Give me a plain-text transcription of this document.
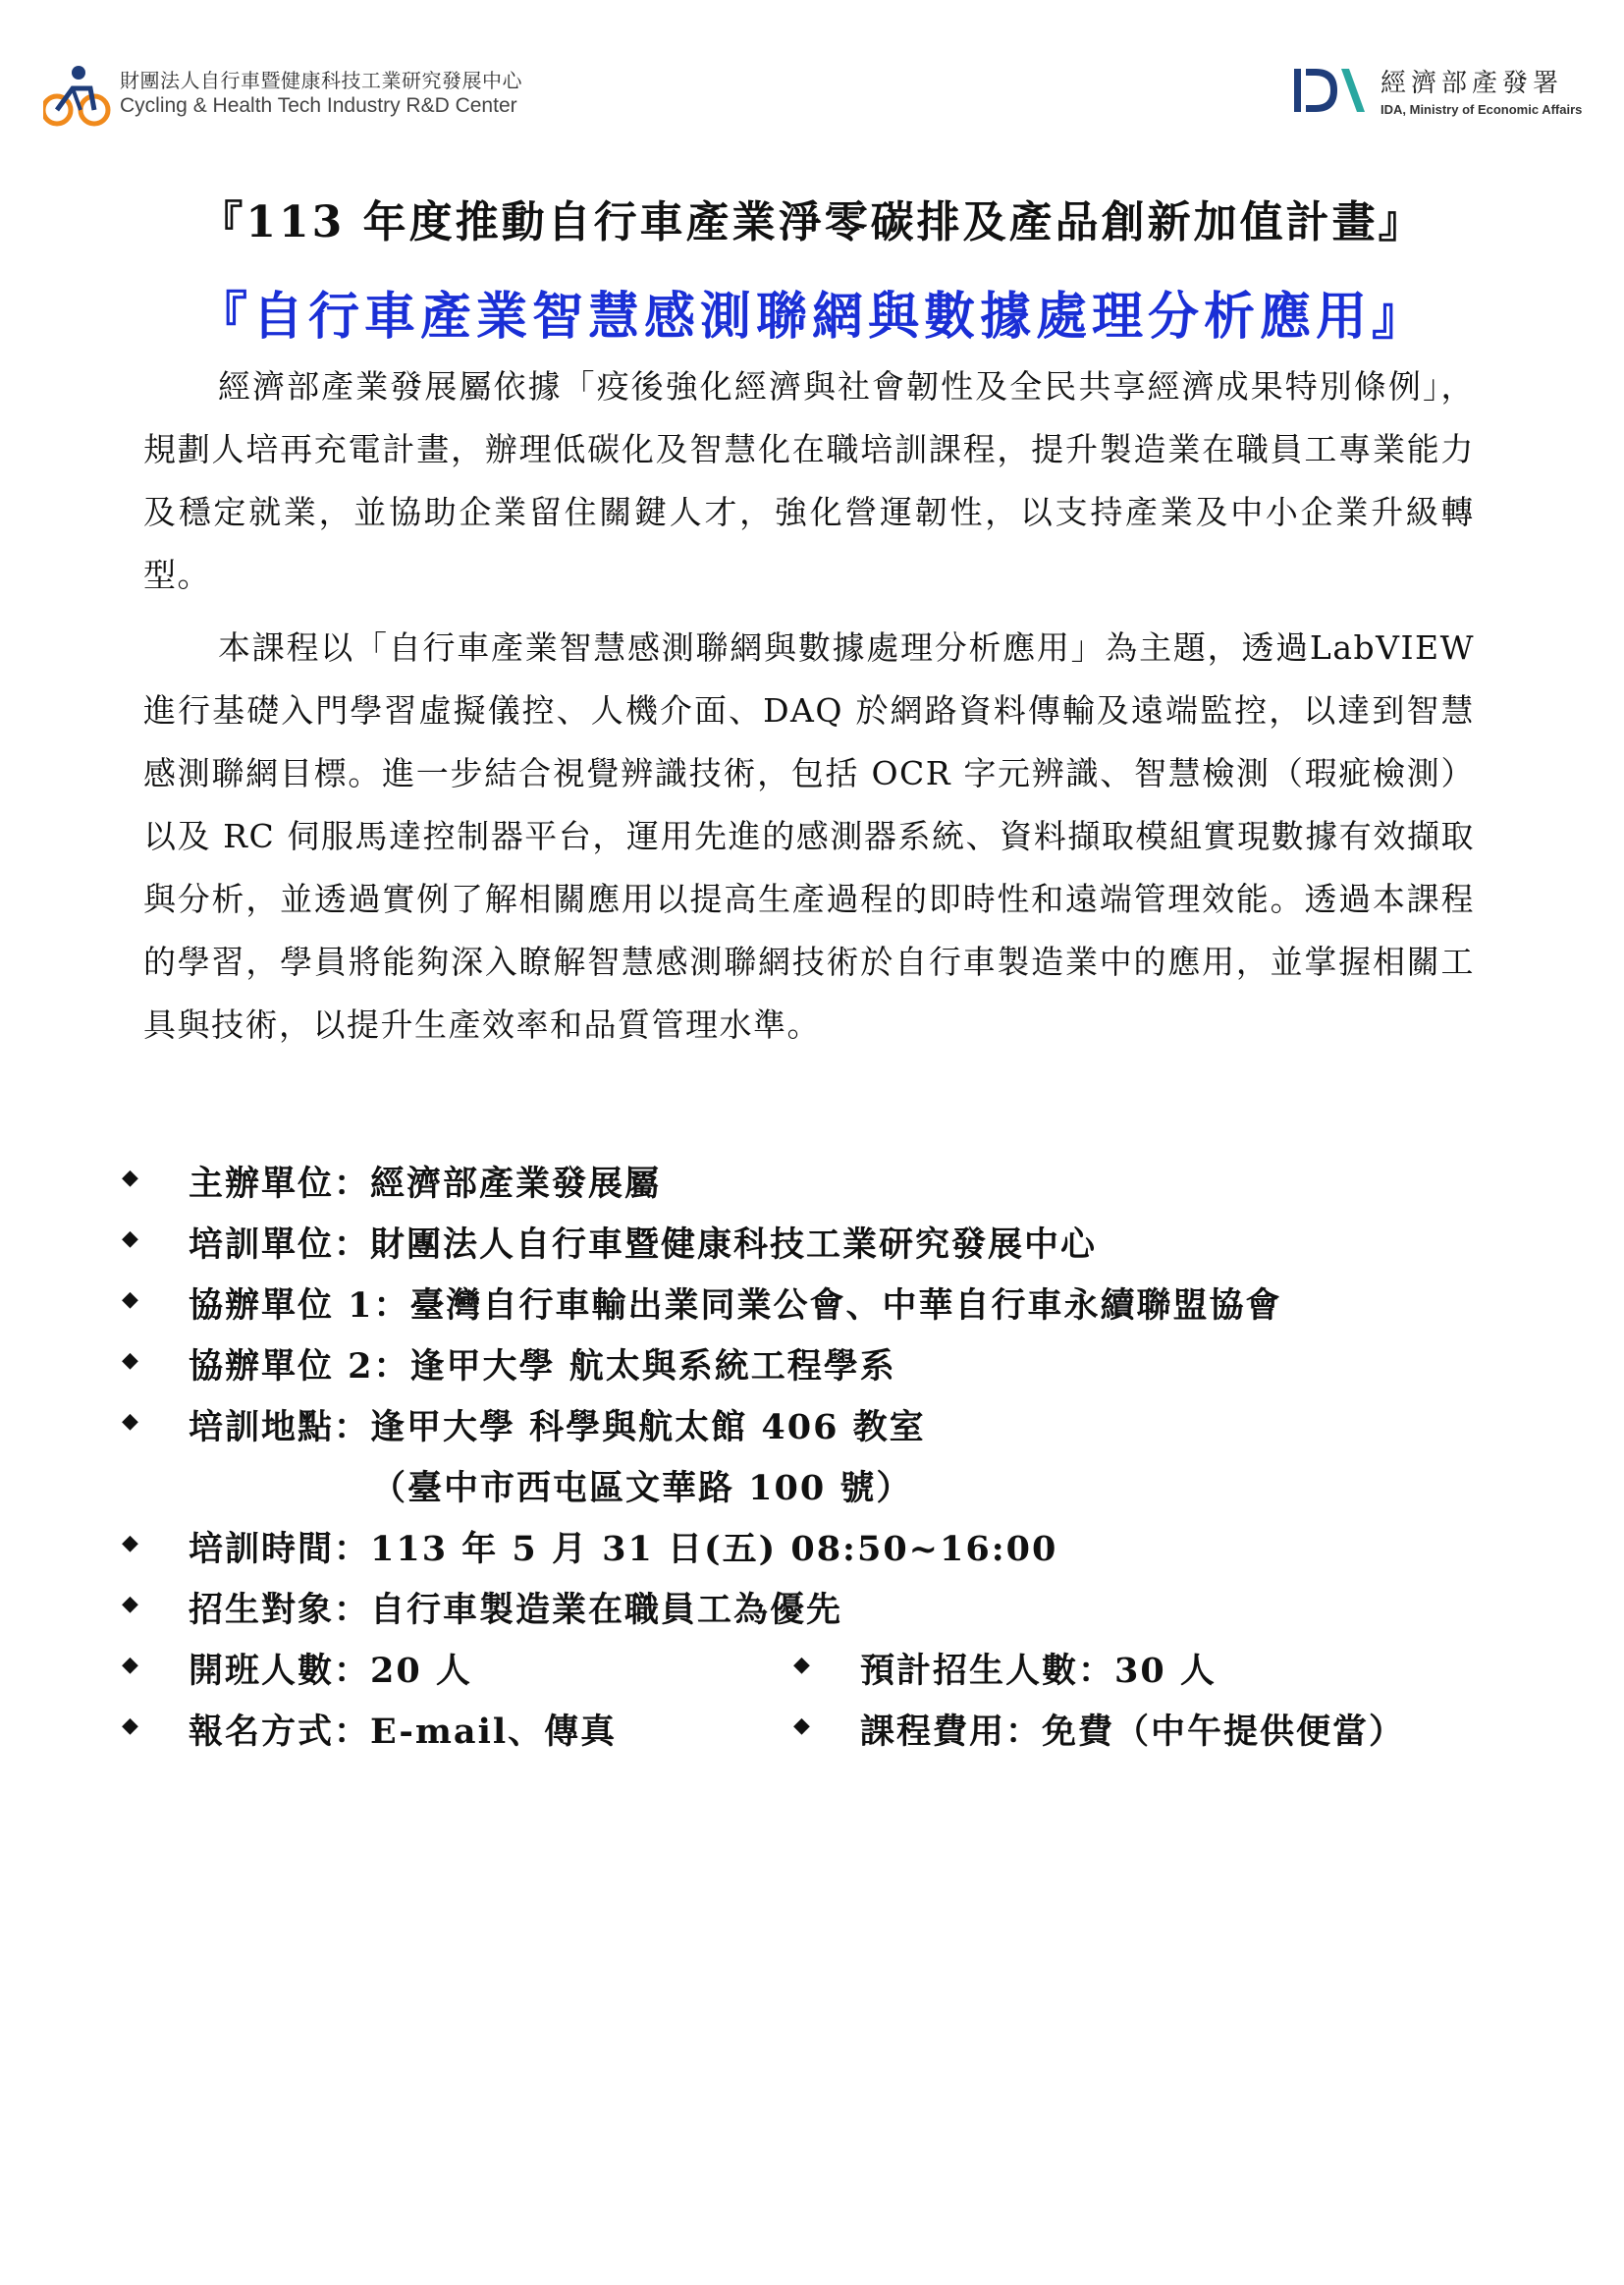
財團法人自行車暨健康科技工業研究發展中心
Cycling & Health Tech Industry R&D Center
經濟部產發署
IDA, Ministry of Economic Affairs
『113 年度推動自行車產業淨零碳排及產品創新加值計畫』
『自行車產業智慧感測聯網與數據處理分析應用』
經濟部產業發展屬依據「疫後強化經濟與社會韌性及全民共享經濟成果特別條例」，規劃人培再充電計畫，辦理低碳化及智慧化在職培訓課程，提升製造業在職員工專業能力及穩定就業，並協助企業留住關鍵人才，強化營運韌性，以支持產業及中小企業升級轉型。
本課程以「自行車產業智慧感測聯網與數據處理分析應用」為主題，透過LabVIEW 進行基礎入門學習虛擬儀控、人機介面、DAQ 於網路資料傳輸及遠端監控，以達到智慧感測聯網目標。進一步結合視覺辨識技術，包括 OCR 字元辨識、智慧檢測（瑕疵檢測）以及 RC 伺服馬達控制器平台，運用先進的感測器系統、資料擷取模組實現數據有效擷取與分析，並透過實例了解相關應用以提高生產過程的即時性和遠端管理效能。透過本課程的學習，學員將能夠深入瞭解智慧感測聯網技術於自行車製造業中的應用，並掌握相關工具與技術，以提升生產效率和品質管理水準。
◆ 主辦單位：經濟部產業發展屬
◆ 培訓單位：財團法人自行車暨健康科技工業研究發展中心
◆ 協辦單位 1：臺灣自行車輸出業同業公會、中華自行車永續聯盟協會
◆ 協辦單位 2：逢甲大學 航太與系統工程學系
◆ 培訓地點：逢甲大學 科學與航太館 406 教室
（臺中市西屯區文華路 100 號）
◆ 培訓時間：113 年 5 月 31 日(五) 08:50~16:00
◆ 招生對象：自行車製造業在職員工為優先
◆ 開班人數：20 人	◆ 預計招生人數：30 人
◆ 報名方式：E-mail、傳真	◆ 課程費用：免費（中午提供便當）
